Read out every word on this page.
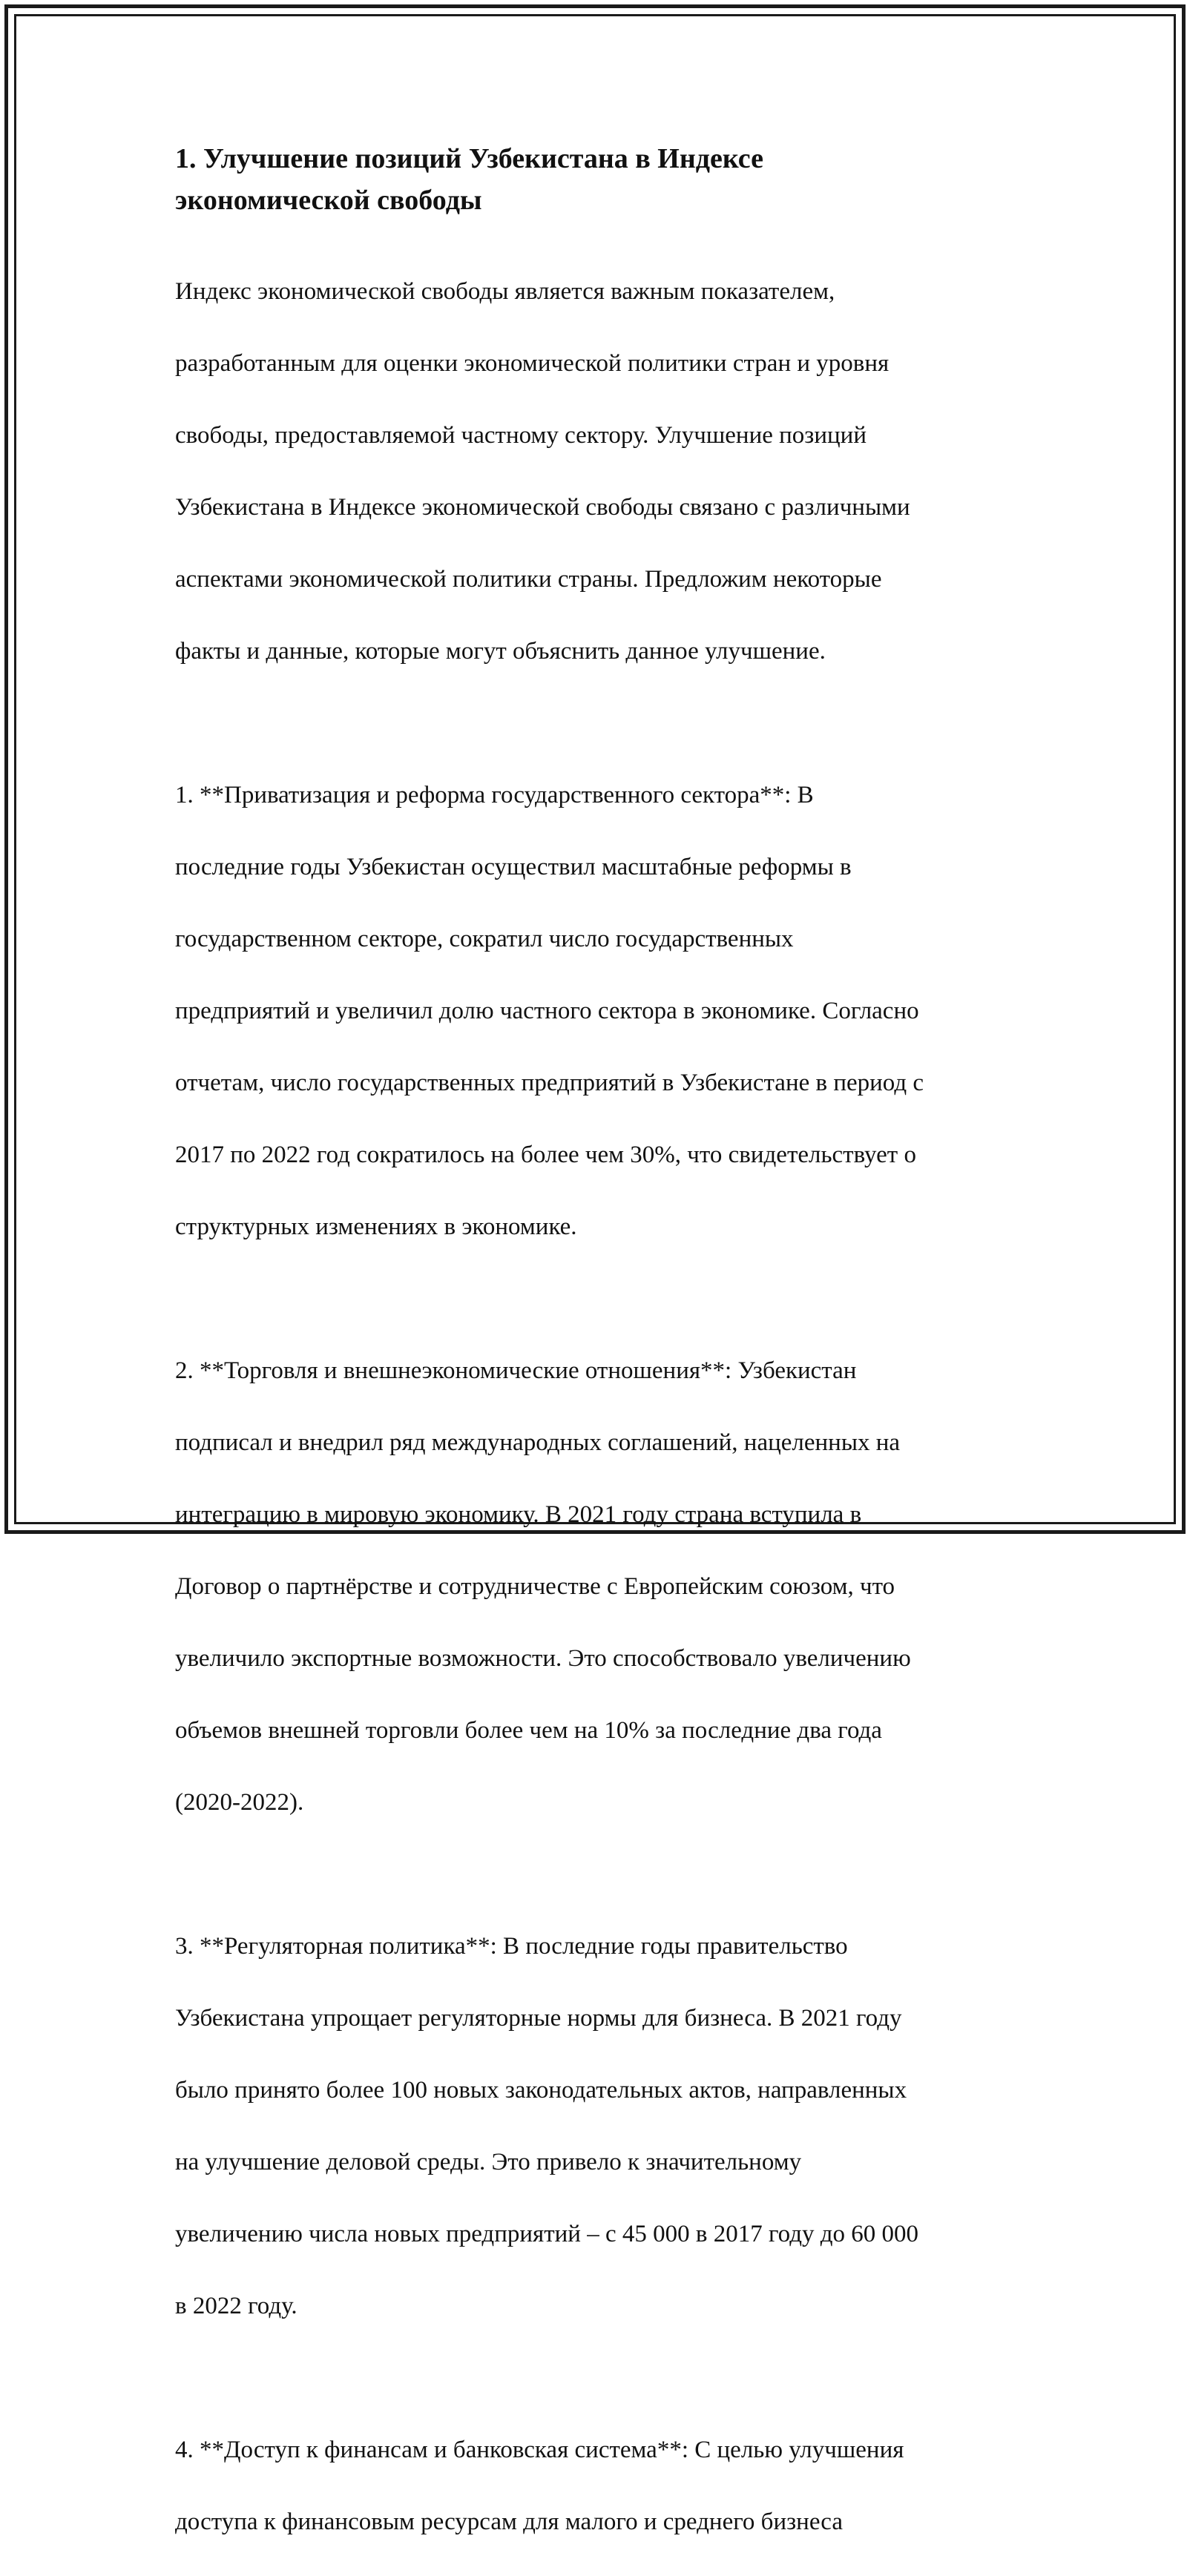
1. Улучшение позиций Узбекистана в Индексе
экономической свободы

Индекс экономической свободы является важным показателем,

разработанным для оценки экономической политики стран и уровня

свободы, предоставляемой частному сектору. Улучшение позиций

Узбекистана в Индексе экономической свободы связано с различными

аспектами экономической политики страны. Предложим некоторые

факты и данные, которые могут объяснить данное улучшение.

1. **Приватизация и реформа государственного сектора**: В

последние годы Узбекистан осуществил масштабные реформы в

государственном секторе, сократил число государственных

предприятий и увеличил долю частного сектора в экономике. Согласно

отчетам, число государственных предприятий в Узбекистане в период с

2017 по 2022 год сократилось на более чем 30%, что свидетельствует о

структурных изменениях в экономике.

2. **Торговля и внешнеэкономические отношения**: Узбекистан

подписал и внедрил ряд международных соглашений, нацеленных на

интеграцию в мировую экономику. В 2021 году страна вступила в

Договор о партнёрстве и сотрудничестве с Европейским союзом, что

увеличило экспортные возможности. Это способствовало увеличению

объемов внешней торговли более чем на 10% за последние два года

(2020-2022).

3. **Регуляторная политика**: В последние годы правительство

Узбекистана упрощает регуляторные нормы для бизнеса. В 2021 году

было принято более 100 новых законодательных актов, направленных

на улучшение деловой среды. Это привело к значительному

увеличению числа новых предприятий – с 45 000 в 2017 году до 60 000

в 2022 году.

4. **Доступ к финансам и банковская система**: С целью улучшения

доступа к финансовым ресурсам для малого и среднего бизнеса
